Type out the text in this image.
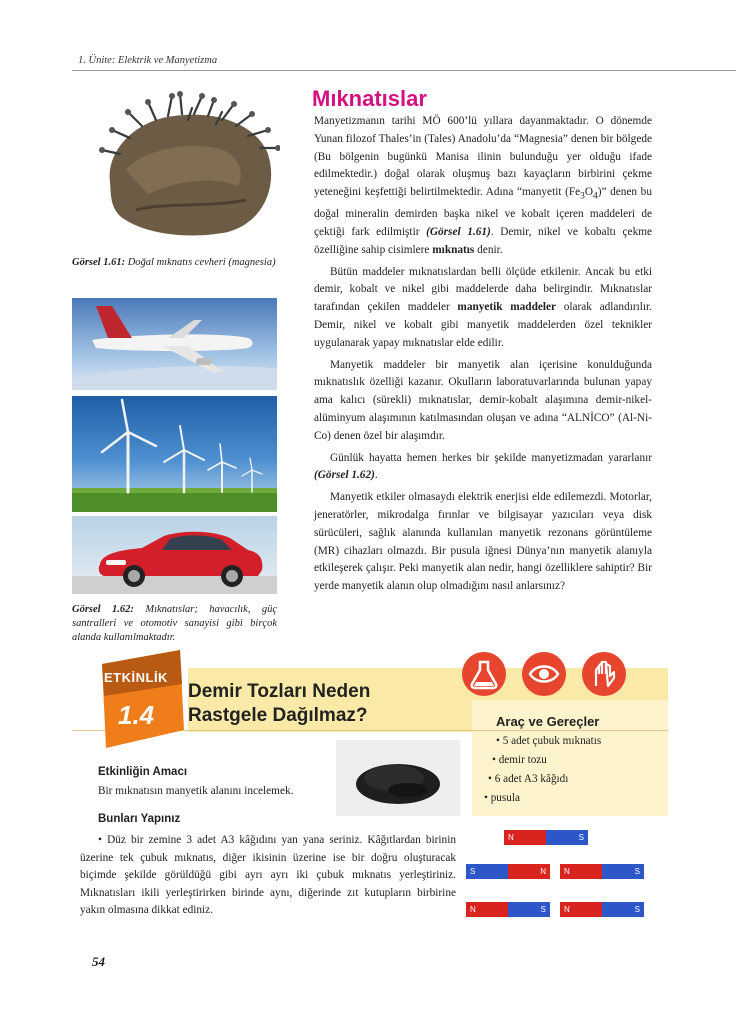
1. Ünite: Elektrik ve Manyetizma
Görsel 1.61: Doğal mıknatıs cevheri (magnesia)
Görsel 1.62: Mıknatıslar; havacılık, güç santralleri ve otomotiv sanayisi gibi birçok alanda kullanılmaktadır.
Mıknatıslar

Manyetizmanın tarihi MÖ 600’lü yıllara dayanmaktadır. O dönemde Yunan filozof Thales’in (Tales) Anadolu’da “Magnesia” denen bir bölgede (Bu bölgenin bugünkü Manisa ilinin bulunduğu yer olduğu ifade edilmektedir.) doğal olarak oluşmuş bazı kayaçların birbirini çekme yeteneğini keşfettiği belirtilmektedir. Adına “manyetit $(Fe_3O_4)$” denen bu doğal mineralin demirden başka nikel ve kobalt içeren maddeleri de çektiği fark edilmiştir (Görsel 1.61). Demir, nikel ve kobaltı çekme özelliğine sahip cisimlere mıknatıs denir.

Bütün maddeler mıknatıslardan belli ölçüde etkilenir. Ancak bu etki demir, kobalt ve nikel gibi maddelerde daha belirgindir. Mıknatıslar tarafından çekilen maddeler manyetik maddeler olarak adlandırılır. Demir, nikel ve kobalt gibi manyetik maddelerden özel teknikler uygulanarak yapay mıknatıslar elde edilir.

Manyetik maddeler bir manyetik alan içerisine konulduğunda mıknatıslık özelliği kazanır. Okulların laboratuvarlarında bulunan yapay ama kalıcı (sürekli) mıknatıslar, demir-kobalt alaşımına demir-nikel- alüminyum alaşımının katılmasından oluşan ve adına “ALNİCO” (Al-Ni-Co) denen özel bir alaşımdır.

Günlük hayatta hemen herkes bir şekilde manyetizmadan yararlanır (Görsel 1.62).

Manyetik etkiler olmasaydı elektrik enerjisi elde edilemezdi. Motorlar, jeneratörler, mikrodalga fırınlar ve bilgisayar yazıcıları veya disk sürücüleri, sağlık alanında kullanılan manyetik rezonans görüntüleme (MR) cihazları olmazdı. Bir pusula iğnesi Dünya’nın manyetik alanıyla etkileşerek çalışır. Peki manyetik alan nedir, hangi özelliklere sahiptir? Bir yerde manyetik alanın olup olmadığını nasıl anlarsınız?

ETKİNLİK
1.4
Demir Tozları Neden
Rastgele Dağılmaz?	Araç ve Gereçler
• 5 adet çubuk mıknatıs
• demir tozu
• 6 adet A3 kâğıdı
• pusula
Etkinliğin Amacı
Bir mıknatısın manyetik alanını incelemek.
Bunları Yapınız
• Düz bir zemine 3 adet A3 kâğıdını yan yana seriniz. Kâğıtlardan birinin üzerine tek çubuk mıknatıs, diğer ikisinin üzerine ise bir doğru oluşturacak biçimde şekilde görüldüğü gibi ayrı ayrı iki çubuk mıknatıs yerleştiriniz. Mıknatısları ikili yerleştirirken birinde aynı, diğerinde zıt kutupların birbirine yakın olmasına dikkat ediniz.
N	S
S	N	N	S
N	S	N	S
54
